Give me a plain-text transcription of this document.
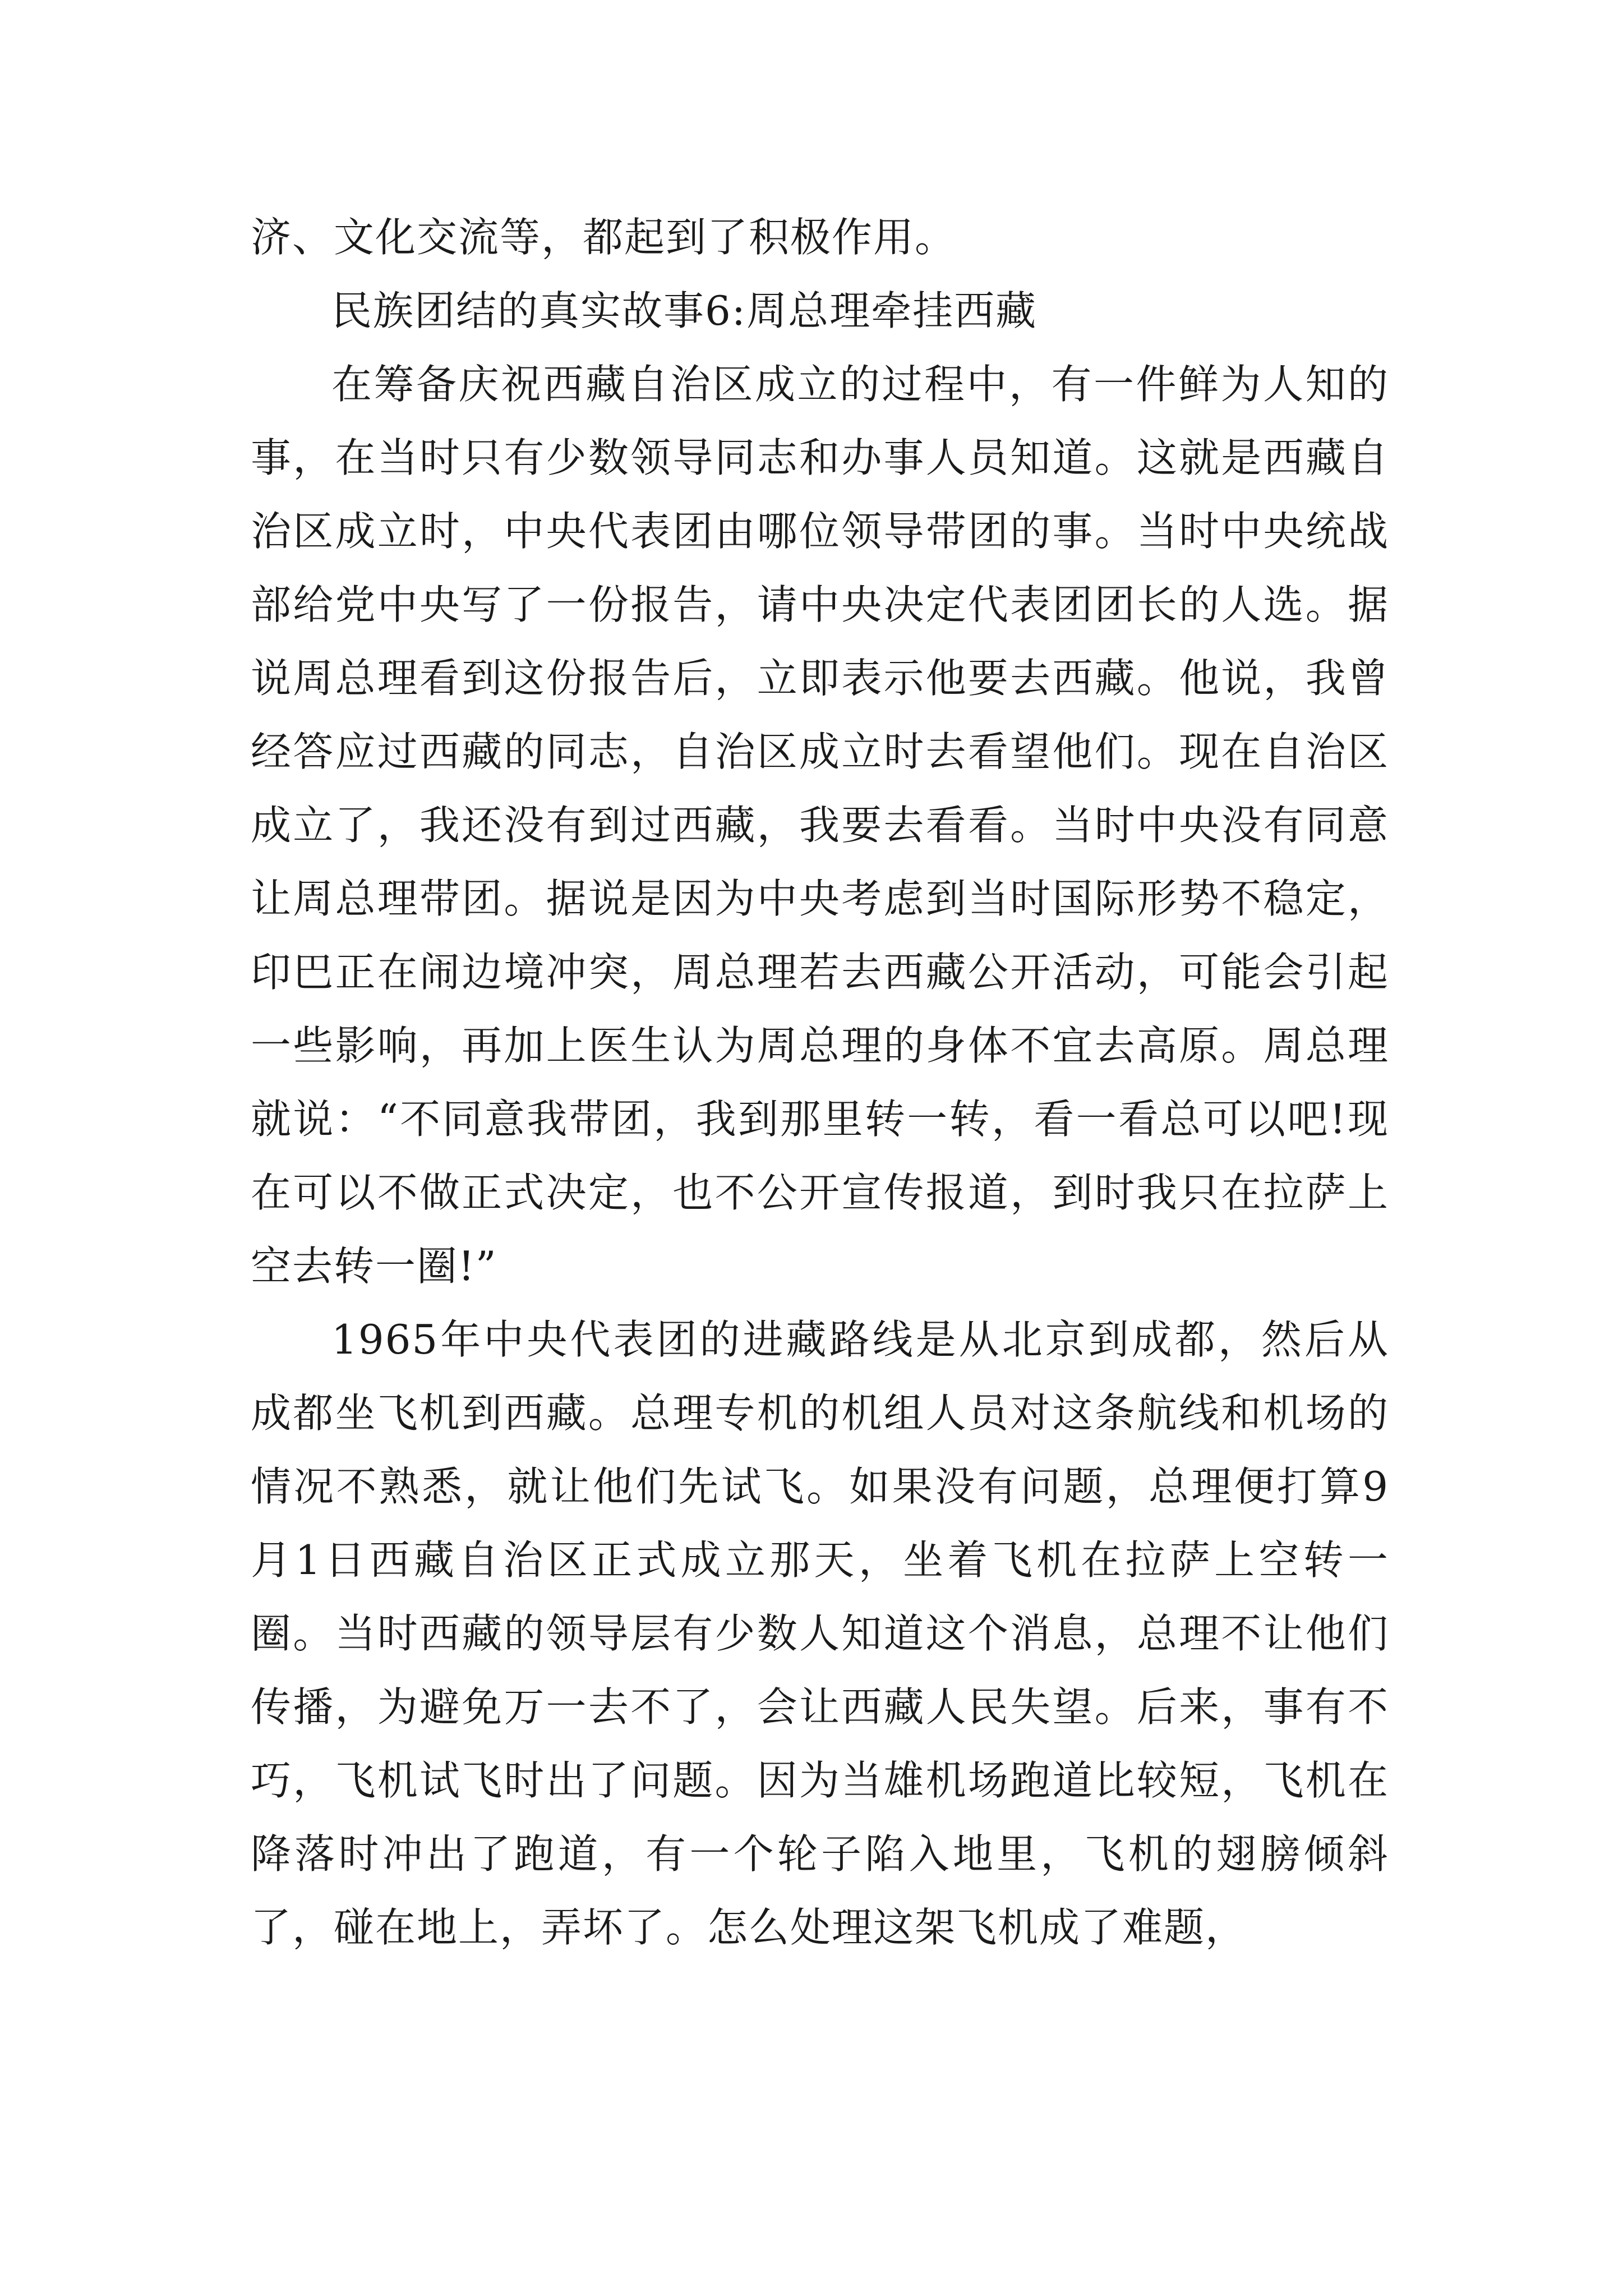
济、文化交流等，都起到了积极作用。

民族团结的真实故事6:周总理牵挂西藏

在筹备庆祝西藏自治区成立的过程中，有一件鲜为人知的事，在当时只有少数领导同志和办事人员知道。这就是西藏自治区成立时，中央代表团由哪位领导带团的事。当时中央统战部给党中央写了一份报告，请中央决定代表团团长的人选。据说周总理看到这份报告后，立即表示他要去西藏。他说，我曾经答应过西藏的同志，自治区成立时去看望他们。现在自治区成立了，我还没有到过西藏，我要去看看。当时中央没有同意让周总理带团。据说是因为中央考虑到当时国际形势不稳定，印巴正在闹边境冲突，周总理若去西藏公开活动，可能会引起一些影响，再加上医生认为周总理的身体不宜去高原。周总理就说：“不同意我带团，我到那里转一转，看一看总可以吧!现在可以不做正式决定，也不公开宣传报道，到时我只在拉萨上空去转一圈!”

1965年中央代表团的进藏路线是从北京到成都，然后从成都坐飞机到西藏。总理专机的机组人员对这条航线和机场的情况不熟悉，就让他们先试飞。如果没有问题，总理便打算9月1日西藏自治区正式成立那天，坐着飞机在拉萨上空转一圈。当时西藏的领导层有少数人知道这个消息，总理不让他们传播，为避免万一去不了，会让西藏人民失望。后来，事有不巧，飞机试飞时出了问题。因为当雄机场跑道比较短，飞机在降落时冲出了跑道，有一个轮子陷入地里，飞机的翅膀倾斜了，碰在地上，弄坏了。怎么处理这架飞机成了难题，
